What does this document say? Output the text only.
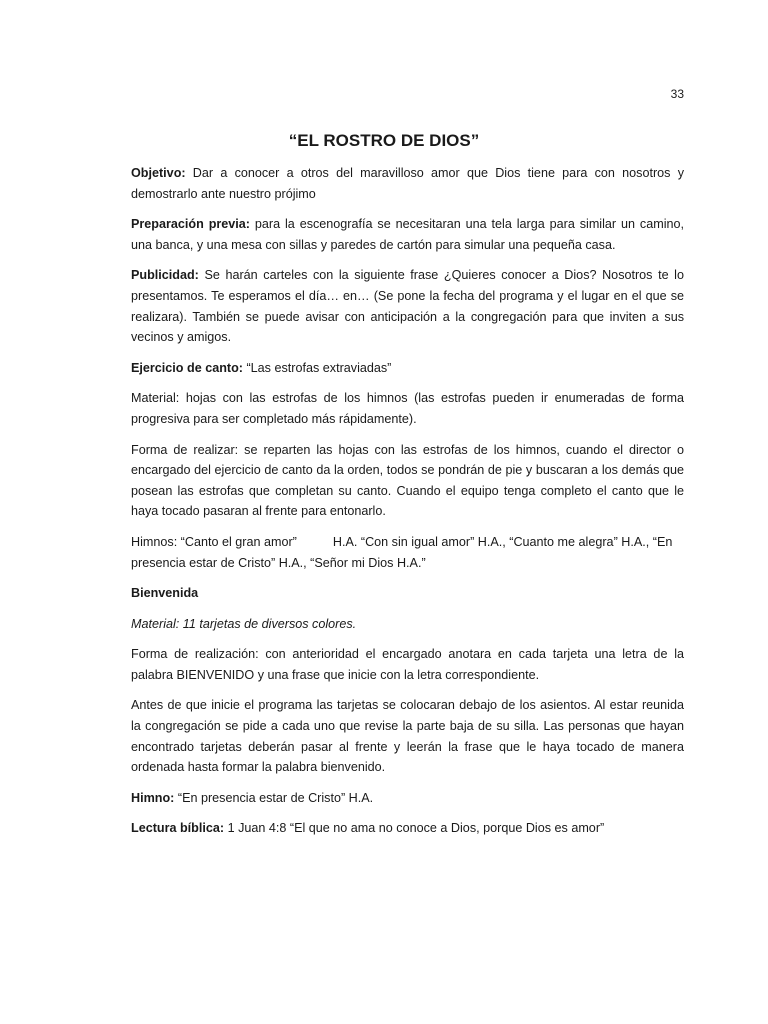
33
“EL ROSTRO DE DIOS”

Objetivo: Dar a conocer a otros del maravilloso amor que Dios tiene para con nosotros y demostrarlo ante nuestro prójimo

Preparación previa: para la escenografía se necesitaran una tela larga para similar un camino, una banca, y una mesa con sillas y paredes de cartón para simular una pequeña casa.

Publicidad: Se harán carteles con la siguiente frase ¿Quieres conocer a Dios? Nosotros te lo presentamos. Te esperamos el día… en… (Se pone la fecha del programa y el lugar en el que se realizara). También se puede avisar con anticipación a la congregación para que inviten a sus vecinos y amigos.

Ejercicio de canto: “Las estrofas extraviadas”

Material: hojas con las estrofas de los himnos (las estrofas pueden ir enumeradas de forma progresiva para ser completado más rápidamente).

Forma de realizar: se reparten las hojas con las estrofas de los himnos, cuando el director o encargado del ejercicio de canto da la orden, todos se pondrán de pie y buscaran a los demás que posean las estrofas que completan su canto. Cuando el equipo tenga completo el canto que le haya tocado pasaran al frente para entonarlo.

Himnos: “Canto el gran amor”	H.A. “Con sin igual amor” H.A., “Cuanto me alegra” H.A., “En presencia estar de Cristo” H.A., “Señor mi Dios H.A.”

Bienvenida

Material: 11 tarjetas de diversos colores.

Forma de realización: con anterioridad el encargado anotara en cada tarjeta una letra de la palabra BIENVENIDO y una frase que inicie con la letra correspondiente.

Antes de que inicie el programa las tarjetas se colocaran debajo de los asientos. Al estar reunida la congregación se pide a cada uno que revise la parte baja de su silla. Las personas que hayan encontrado tarjetas deberán pasar al frente y leerán la frase que le haya tocado de manera ordenada hasta formar la palabra bienvenido.

Himno: “En presencia estar de Cristo” H.A.

Lectura bíblica: 1 Juan 4:8 “El que no ama no conoce a Dios, porque Dios es amor”
